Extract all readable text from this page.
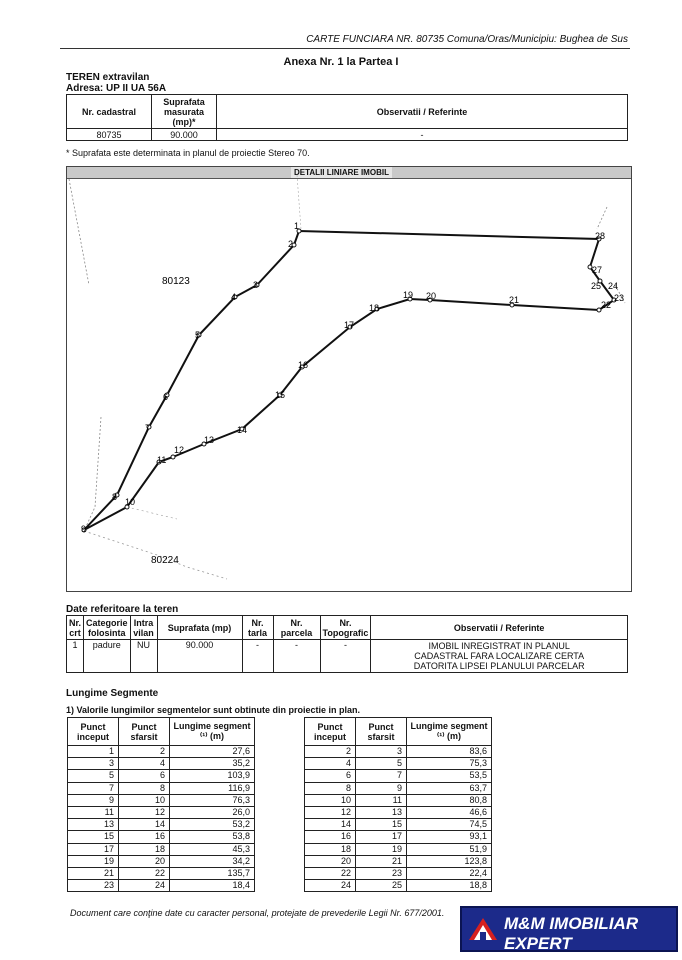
CARTE FUNCIARA NR. 80735 Comuna/Oras/Municipiu: Bughea de Sus
Anexa Nr. 1 la Partea I
TEREN extravilan
Adresa: UP II UA 56A
Nr. cadastral	Suprafata masurata (mp)*	Observatii / Referinte
80735	90.000	-
* Suprafata este determinata in planul de proiectie Stereo 70.
DETALII LINIARE IMOBIL
80123
80224
1
2
3
4
5
6
7
8
9
10
11
12
13
14
15
16
17
18
19 20	21	22
23
24
25
27
28
Date referitoare la teren
Nr. crt	Categorie folosinta	Intra vilan	Suprafata (mp)	Nr. tarla	Nr. parcela	Nr. Topografic	Observatii / Referinte
1	padure	NU	90.000	-	-	-	IMOBIL INREGISTRAT IN PLANUL
CADASTRAL FARA LOCALIZARE CERTA
DATORITA LIPSEI PLANULUI PARCELAR
Lungime Segmente
1) Valorile lungimilor segmentelor sunt obtinute din proiectie in plan.
Punct inceput	Punct sfarsit	Lungime segment ⁽¹⁾ (m)
1	2	27,6
3	4	35,2
5	6	103,9
7	8	116,9
9	10	76,3
11	12	26,0
13	14	53,2
15	16	53,8
17	18	45,3
19	20	34,2
21	22	135,7
23	24	18,4
Punct inceput	Punct sfarsit	Lungime segment ⁽¹⁾ (m)
2	3	83,6
4	5	75,3
6	7	53,5
8	9	63,7
10	11	80,8
12	13	46,6
14	15	74,5
16	17	93,1
18	19	51,9
20	21	123,8
22	23	22,4
24	25	18,8
Document care conţine date cu caracter personal, protejate de prevederile Legii Nr. 677/2001.
M&M IMOBILIAR EXPERT
